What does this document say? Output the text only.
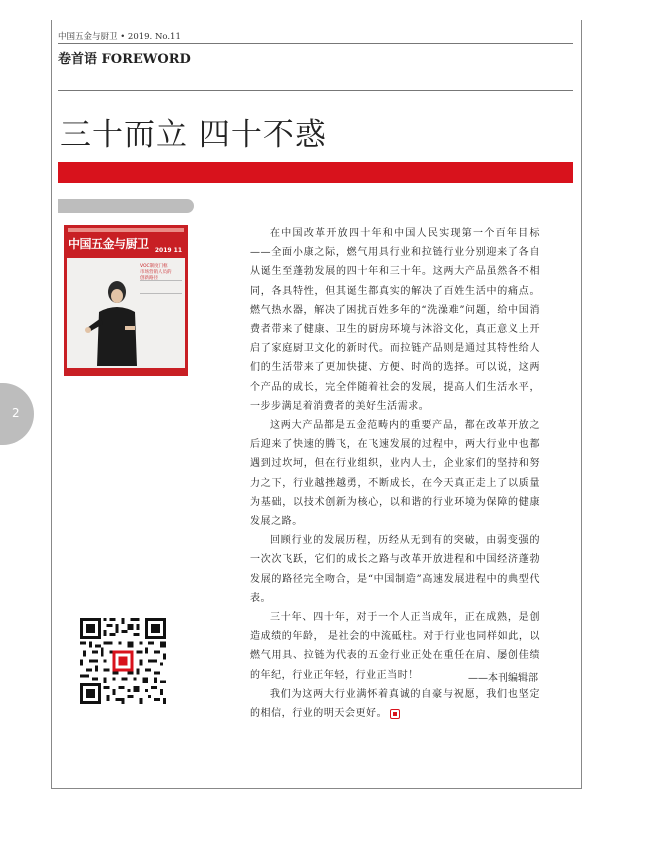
中国五金与厨卫 • 2019. No.11
卷首语 FOREWORD
三十而立 四十不惑
2
中国五金与厨卫 2019 11
VOC制度门框
市场营销人员的
创新路径

在中国改革开放四十年和中国人民实现第一个百年目标——全面小康之际，燃气用具行业和拉链行业分别迎来了各自从诞生至蓬勃发展的四十年和三十年。这两大产品虽然各不相同，各具特性，但其诞生都真实的解决了百姓生活中的痛点。燃气热水器，解决了困扰百姓多年的“洗澡难”问题，给中国消费者带来了健康、卫生的厨房环境与沐浴文化，真正意义上开启了家庭厨卫文化的新时代。而拉链产品则是通过其特性给人们的生活带来了更加快捷、方便、时尚的选择。可以说，这两个产品的成长，完全伴随着社会的发展，提高人们生活水平，一步步满足着消费者的美好生活需求。

这两大产品都是五金范畴内的重要产品，都在改革开放之后迎来了快速的腾飞，在飞速发展的过程中，两大行业中也都遇到过坎坷，但在行业组织，业内人士，企业家们的坚持和努力之下，行业越挫越勇，不断成长，在今天真正走上了以质量为基础，以技术创新为核心，以和谐的行业环境为保障的健康发展之路。

回顾行业的发展历程，历经从无到有的突破，由弱变强的一次次飞跃，它们的成长之路与改革开放进程和中国经济蓬勃发展的路径完全吻合，是“中国制造”高速发展进程中的典型代表。

三十年、四十年，对于一个人正当成年，正在成熟，是创造成绩的年龄， 是社会的中流砥柱。对于行业也同样如此，以燃气用具、拉链为代表的五金行业正处在重任在肩、屡创佳绩的年纪，行业正年轻，行业正当时！

我们为这两大行业满怀着真诚的自豪与祝愿，我们也坚定的相信，行业的明天会更好。

——本刊编辑部
